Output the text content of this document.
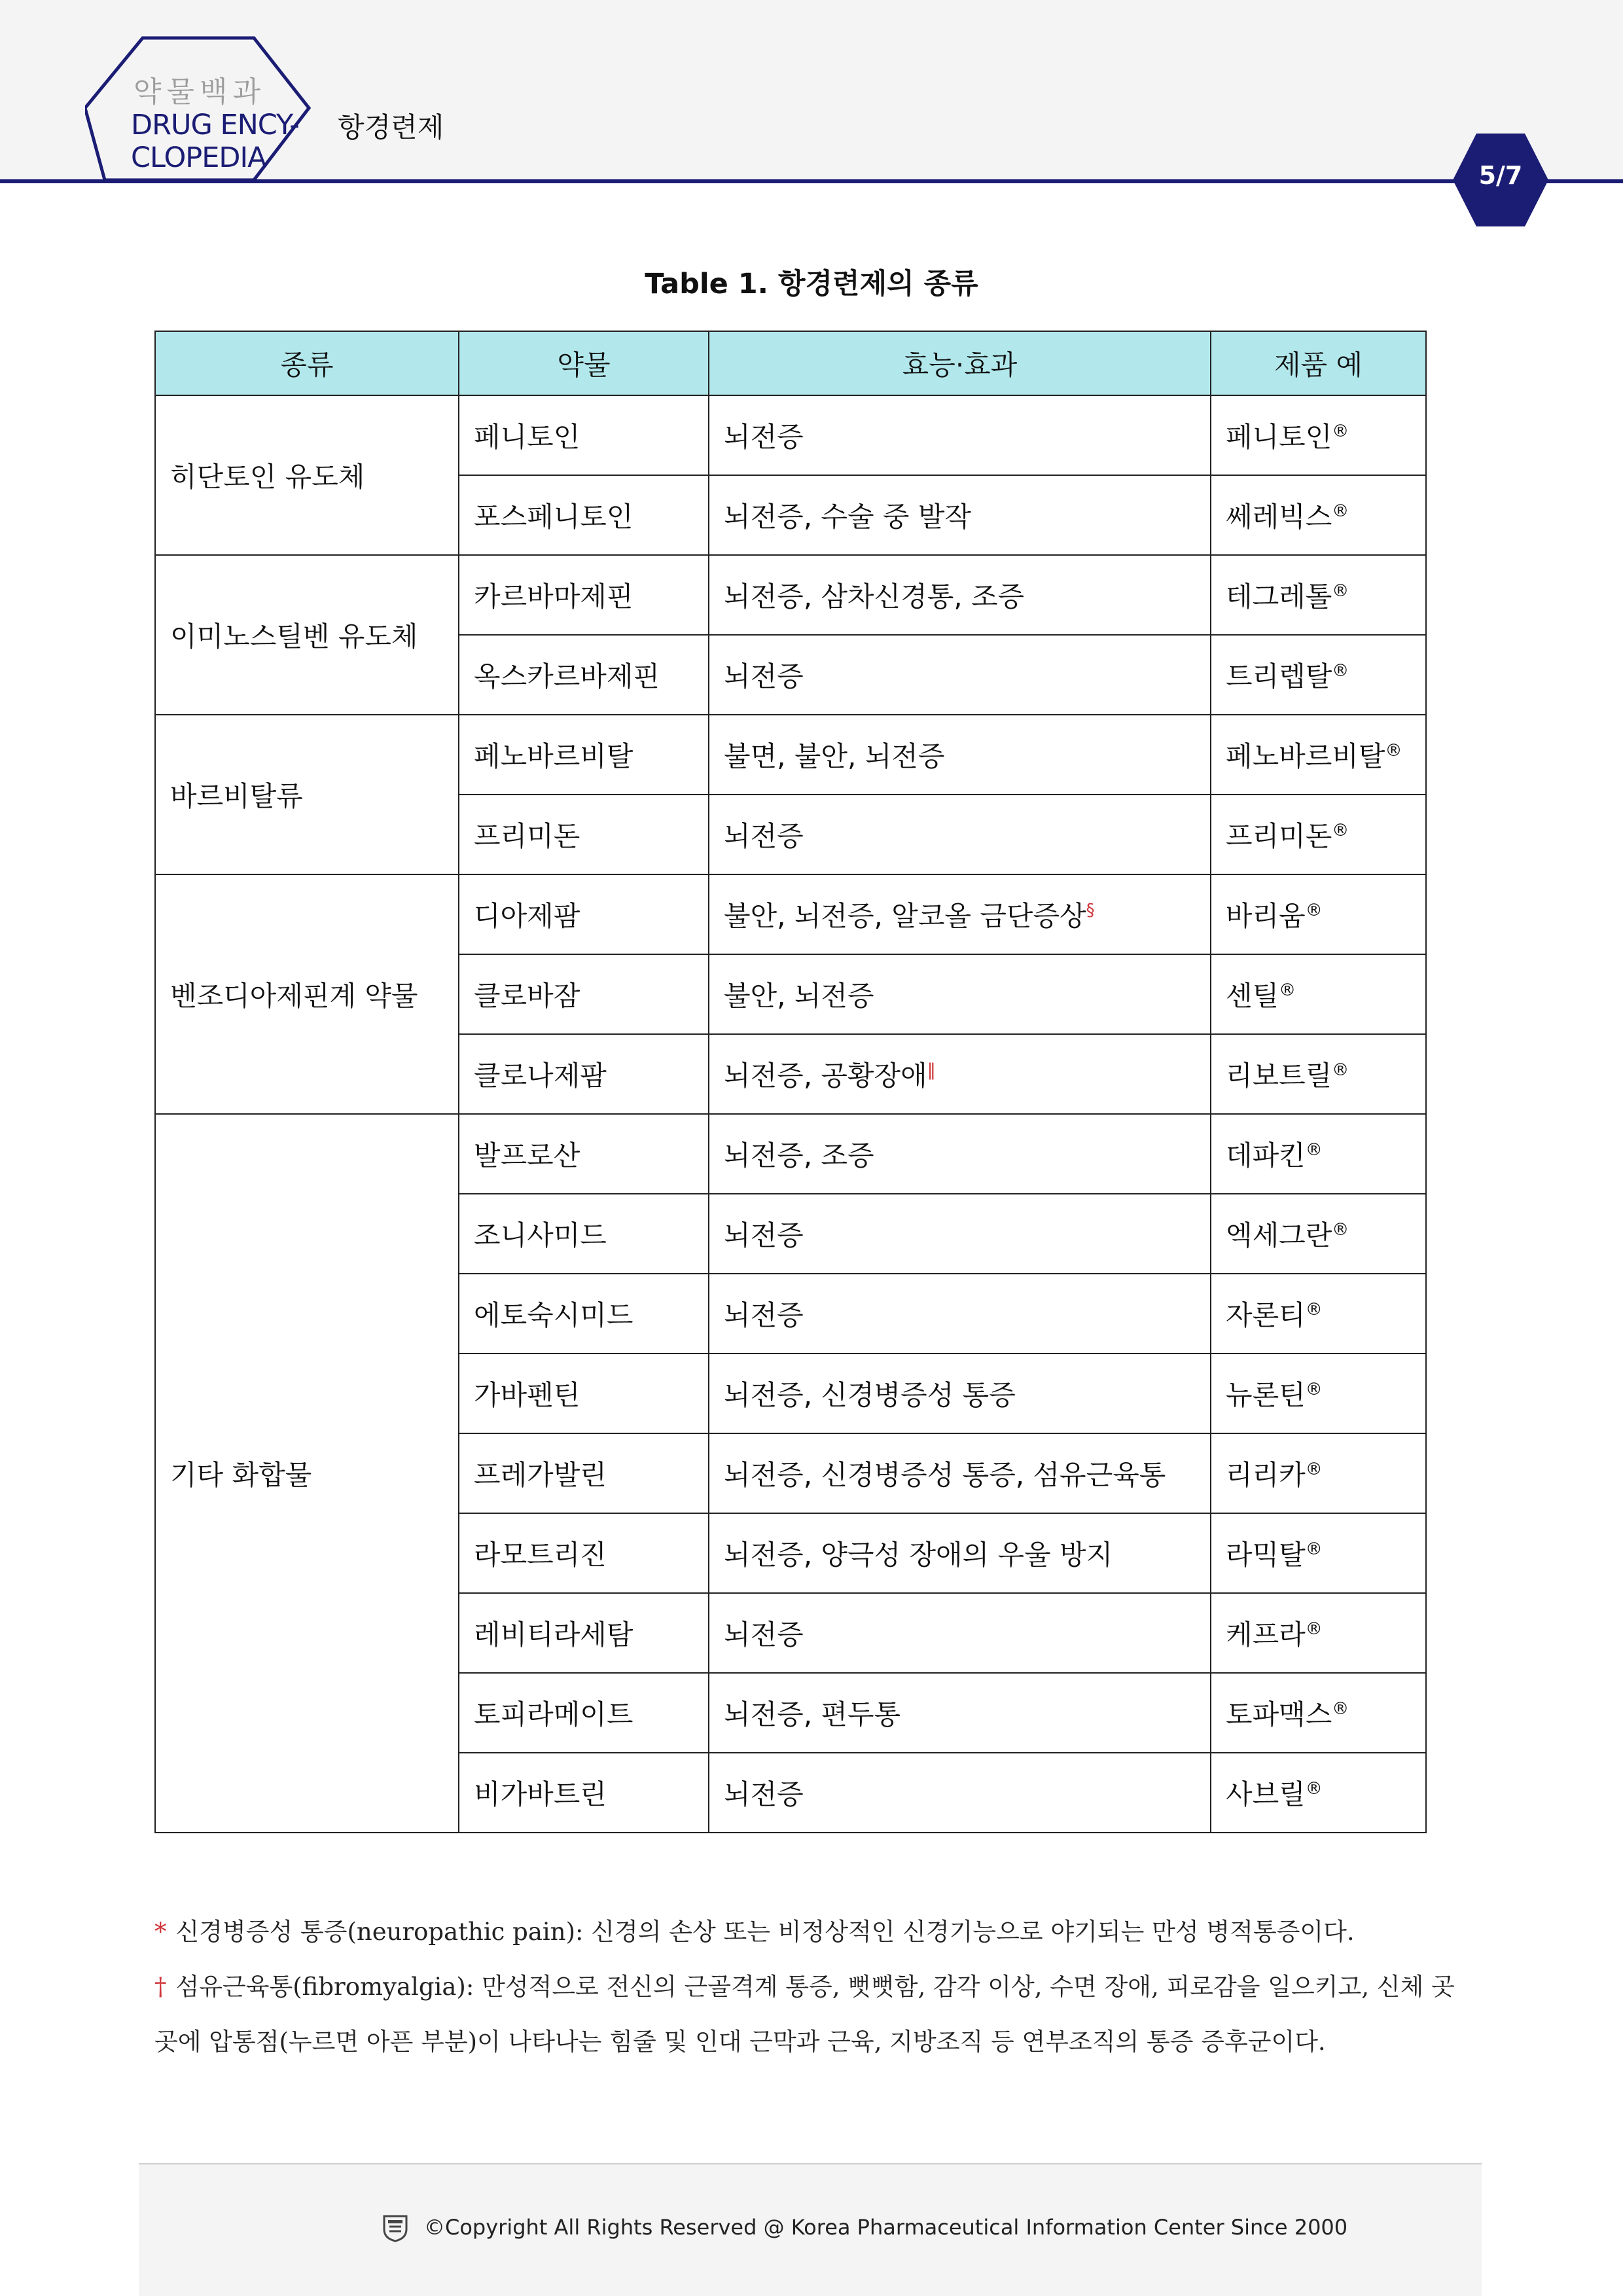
약물백과
DRUG ENCY-
CLOPEDIA
항경련제
5/7
Table 1. 항경련제의 종류
종류	약물	효능·효과	제품 예
히단토인 유도체	페니토인	뇌전증	페니토인®
	포스페니토인	뇌전증, 수술 중 발작	쎄레빅스®
이미노스틸벤 유도체	카르바마제핀	뇌전증, 삼차신경통, 조증	테그레톨®
	옥스카르바제핀	뇌전증	트리렙탈®
바르비탈류	페노바르비탈	불면, 불안, 뇌전증	페노바르비탈®
	프리미돈	뇌전증	프리미돈®
벤조디아제핀계 약물	디아제팜	불안, 뇌전증, 알코올 금단증상§	바리움®
	클로바잠	불안, 뇌전증	센틸®
	클로나제팜	뇌전증, 공황장애‖	리보트릴®
기타 화합물	발프로산	뇌전증, 조증	데파킨®
	조니사미드	뇌전증	엑세그란®
	에토숙시미드	뇌전증	자론티®
	가바펜틴	뇌전증, 신경병증성 통증	뉴론틴®
	프레가발린	뇌전증, 신경병증성 통증, 섬유근육통	리리카®
	라모트리진	뇌전증, 양극성 장애의 우울 방지	라믹탈®
	레비티라세탐	뇌전증	케프라®
	토피라메이트	뇌전증, 편두통	토파맥스®
	비가바트린	뇌전증	사브릴®
* 신경병증성 통증(neuropathic pain): 신경의 손상 또는 비정상적인 신경기능으로 야기되는 만성 병적통증이다.
† 섬유근육통(fibromyalgia): 만성적으로 전신의 근골격계 통증, 뻣뻣함, 감각 이상, 수면 장애, 피로감을 일으키고, 신체 곳곳에 압통점(누르면 아픈 부분)이 나타나는 힘줄 및 인대 근막과 근육, 지방조직 등 연부조직의 통증 증후군이다.
©Copyright All Rights Reserved @ Korea Pharmaceutical Information Center Since 2000
